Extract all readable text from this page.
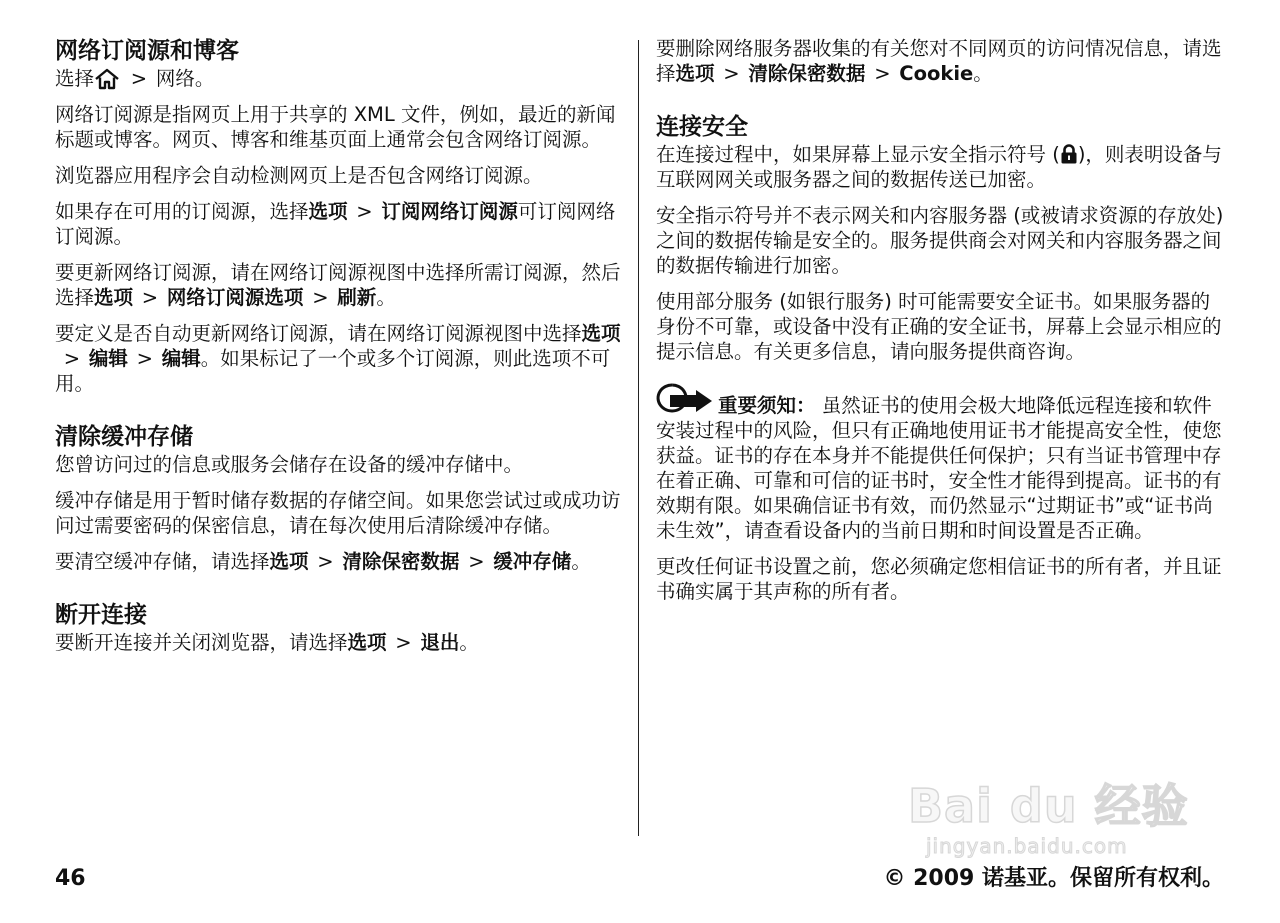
网络订阅源和博客

选择 > 网络。

网络订阅源是指网页上用于共享的 XML 文件，例如，最近的新闻标题或博客。网页、博客和维基页面上通常会包含网络订阅源。

浏览器应用程序会自动检测网页上是否包含网络订阅源。

如果存在可用的订阅源，选择选项 > 订阅网络订阅源可订阅网络订阅源。

要更新网络订阅源，请在网络订阅源视图中选择所需订阅源，然后选择选项 > 网络订阅源选项 > 刷新。

要定义是否自动更新网络订阅源，请在网络订阅源视图中选择选项> 编辑 > 编辑。如果标记了一个或多个订阅源，则此选项不可用。

清除缓冲存储

您曾访问过的信息或服务会储存在设备的缓冲存储中。

缓冲存储是用于暂时储存数据的存储空间。如果您尝试过或成功访问过需要密码的保密信息，请在每次使用后清除缓冲存储。

要清空缓冲存储，请选择选项 > 清除保密数据 > 缓冲存储。

断开连接

要断开连接并关闭浏览器，请选择选项 > 退出。

要删除网络服务器收集的有关您对不同网页的访问情况信息，请选择选项 > 清除保密数据 > Cookie。

连接安全

在连接过程中，如果屏幕上显示安全指示符号 ( )，则表明设备与互联网网关或服务器之间的数据传送已加密。

安全指示符号并不表示网关和内容服务器 (或被请求资源的存放处) 之间的数据传输是安全的。服务提供商会对网关和内容服务器之间的数据传输进行加密。

使用部分服务 (如银行服务) 时可能需要安全证书。如果服务器的身份不可靠，或设备中没有正确的安全证书，屏幕上会显示相应的提示信息。有关更多信息，请向服务提供商咨询。

重要须知： 虽然证书的使用会极大地降低远程连接和软件安装过程中的风险，但只有正确地使用证书才能提高安全性，使您获益。证书的存在本身并不能提供任何保护；只有当证书管理中存在着正确、可靠和可信的证书时，安全性才能得到提高。证书的有效期有限。如果确信证书有效，而仍然显示“过期证书”或“证书尚未生效”，请查看设备内的当前日期和时间设置是否正确。

更改任何证书设置之前，您必须确定您相信证书的所有者，并且证书确实属于其声称的所有者。

Bai du 经验
jingyan.baidu.com
46	© 2009 诺基亚。保留所有权利。
